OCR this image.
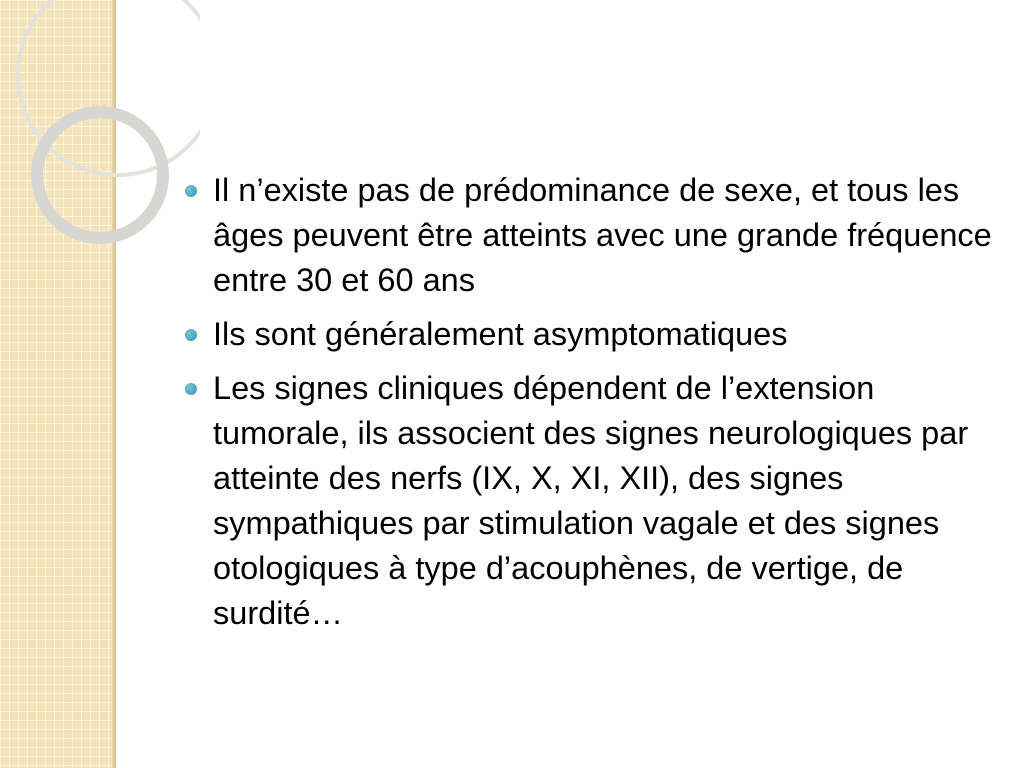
Il n’existe pas de prédominance de sexe, et tous les âges peuvent être atteints avec une grande fréquence entre 30 et 60 ans
Ils sont généralement asymptomatiques
Les signes cliniques dépendent de l’extension tumorale, ils associent des signes neurologiques par atteinte des nerfs (IX, X, XI, XII), des signes sympathiques par stimulation vagale et des signes otologiques à type d’acouphènes, de vertige, de surdité…
